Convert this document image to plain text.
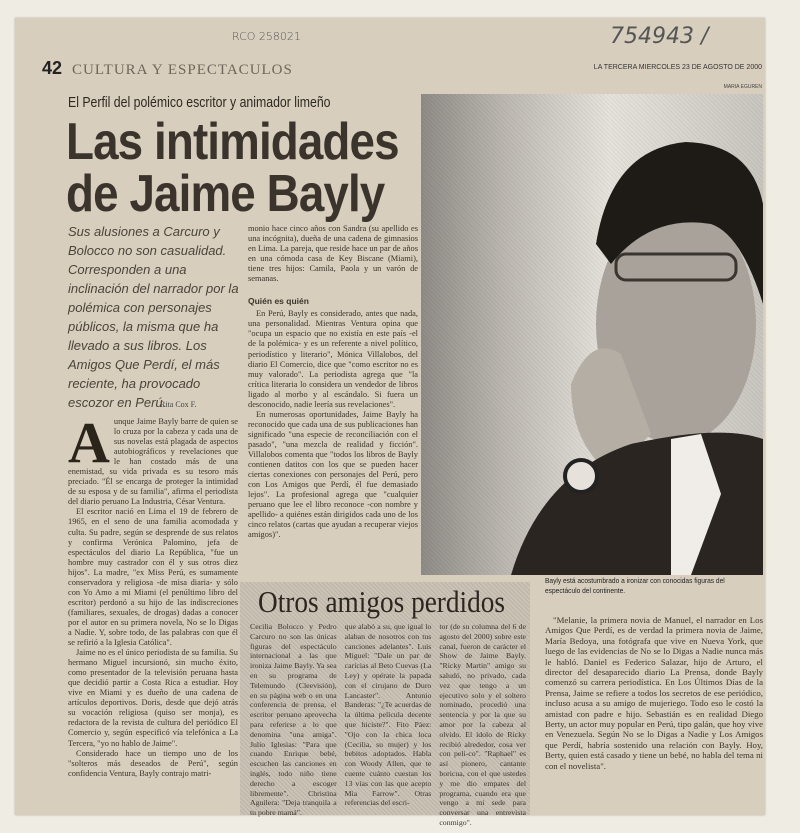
RCO 258021	754943 /
42 CULTURA Y ESPECTACULOS	LA TERCERA MIERCOLES 23 DE AGOSTO DE 2000
MARIA EGUREN
El Perfil del polémico escritor y animador limeño
Las intimidades
de Jaime Bayly
Sus alusiones a Carcuro y Bolocco no son casualidad. Corresponden a una inclinación del narrador por la polémica con personajes públicos, la misma que ha llevado a sus libros. Los Amigos Que Perdí, el más reciente, ha provocado escozor en Perú.
Rita Cox F.
A unque Jaime Bayly barre de quien se lo cruza por la cabeza y cada una de sus novelas está plagada de aspectos autobiográficos y revelaciones que le han costado más de una enemistad, su vida privada es su tesoro más preciado. "Él se encarga de proteger la intimidad de su esposa y de su familia", afirma el periodista del diario peruano La Industria, César Ventura.

El escritor nació en Lima el 19 de febrero de 1965, en el seno de una familia acomodada y culta. Su padre, según se desprende de sus relatos y confirma Verónica Palomino, jefa de espectáculos del diario La República, "fue un hombre muy castrador con él y sus otros diez hijos". La madre, "ex Miss Perú, es sumamente conservadora y religiosa -de misa diaria- y sólo con Yo Amo a mi Miami (el penúltimo libro del escritor) perdonó a su hijo de las indiscreciones (familiares, sexuales, de drogas) dadas a conocer por el autor en su primera novela, No se lo Digas a Nadie. Y, sobre todo, de las palabras con que él se refirió a la Iglesia Católica".

Jaime no es el único periodista de su familia. Su hermano Miguel incursionó, sin mucho éxito, como presentador de la televisión peruana hasta que decidió partir a Costa Rica a estudiar. Hoy vive en Miami y es dueño de una cadena de artículos deportivos. Doris, desde que dejó atrás su vocación religiosa (quiso ser monja), es redactora de la revista de cultura del periódico El Comercio y, según especificó vía telefónica a La Tercera, "yo no hablo de Jaime".

Considerado hace un tiempo uno de los "solteros más deseados de Perú", según confidencia Ventura, Bayly contrajo matri-

monio hace cinco años con Sandra (su apellido es una incógnita), dueña de una cadena de gimnasios en Lima. La pareja, que reside hace un par de años en una cómoda casa de Key Biscane (Miami), tiene tres hijos: Camila, Paola y un varón de semanas.

Quién es quién

En Perú, Bayly es considerado, antes que nada, una personalidad. Mientras Ventura opina que "ocupa un espacio que no existía en este país -el de la polémica- y es un referente a nivel político, periodístico y literario", Mónica Villalobos, del diario El Comercio, dice que "como escritor no es muy valorado". La periodista agrega que "la crítica literaria lo considera un vendedor de libros ligado al morbo y al escándalo. Si fuera un desconocido, nadie leería sus revelaciones".

En numerosas oportunidades, Jaime Bayly ha reconocido que cada una de sus publicaciones han significado "una especie de reconciliación con el pasado", "una mezcla de realidad y ficción". Villalobos comenta que "todos los libros de Bayly contienen datitos con los que se pueden hacer ciertas conexiones con personajes del Perú, pero con Los Amigos que Perdí, él fue demasiado lejos". La profesional agrega que "cualquier peruano que lee el libro reconoce -con nombre y apellido- a quiénes están dirigidos cada uno de los cinco relatos (cartas que ayudan a recuperar viejos amigos)".

Bayly está acostumbrado a ironizar con conocidas figuras del espectáculo del continente.
Otros amigos perdidos
Cecilia Bolocco y Pedro Carcuro no son las únicas figuras del espectáculo internacional a las que ironiza Jaime Bayly. Ya sea en su programa de Telemundo (Cleevisión), en su página web o en una conferencia de prensa, el escritor peruano aprovecha para referirse a lo que denomina "una amiga". Julio Iglesias: "Para que cuando Enrique bebé, escuchen las canciones en inglés, todo niño tiene derecho a escoger libremente". Christina Aguilera: "Deja tranquila a tu pobre mamá".
que alabó a su, que igual lo alaban de nosotros con tus canciones adelantes". Luis Miguel: "Dale un par de caricias al Beto Cuevas (La Ley) y opérate la papada con el cirujano de Duro Lancaster". Antonio Banderas: "¿Te acuerdas de la última película decente que hiciste?". Fito Páez: "Ojo con la chica loca (Cecilia, su mujer) y los bebitos adoptados. Habla con Woody Allen, que te cuente cuánto cuestan los 13 vías con las que acepto Mia Farrow". Otras referencias del escri-
tor (de su columna del 6 de agosto del 2000) sobre este canal, fueron de carácter el Show de Jaime Bayly. "Ricky Martin" amigo su saludó, no privado, cada vez que tengo a un ejecutivo solo y el soltero nominado, procedió una sentencia y por la que su amor por la cabeza al olvido. El ídolo de Ricky recibió alrededor, cosa ver con peli-co". "Raphael" es así pionero, cantante boricua, con el que ustedes y me dio empates del programa, cuando era que vengo a mi sede para conversar una entrevista conmigo".

"Melanie, la primera novia de Manuel, el narrador en Los Amigos Que Perdí, es de verdad la primera novia de Jaime, María Bedoya, una fotógrafa que vive en Nueva York, que luego de las evidencias de No se lo Digas a Nadie nunca más le habló. Daniel es Federico Salazar, hijo de Arturo, el director del desaparecido diario La Prensa, donde Bayly comenzó su carrera periodística. En Los Últimos Días de la Prensa, Jaime se refiere a todos los secretos de ese periódico, incluso acusa a su amigo de mujeriego. Todo eso le costó la amistad con padre e hijo. Sebastián es en realidad Diego Berty, un actor muy popular en Perú, tipo galán, que hoy vive en Venezuela. Según No se lo Digas a Nadie y Los Amigos que Perdí, habría sostenido una relación con Bayly. Hoy, Berty, quien está casado y tiene un bebé, no habla del tema ni con el novelista".
